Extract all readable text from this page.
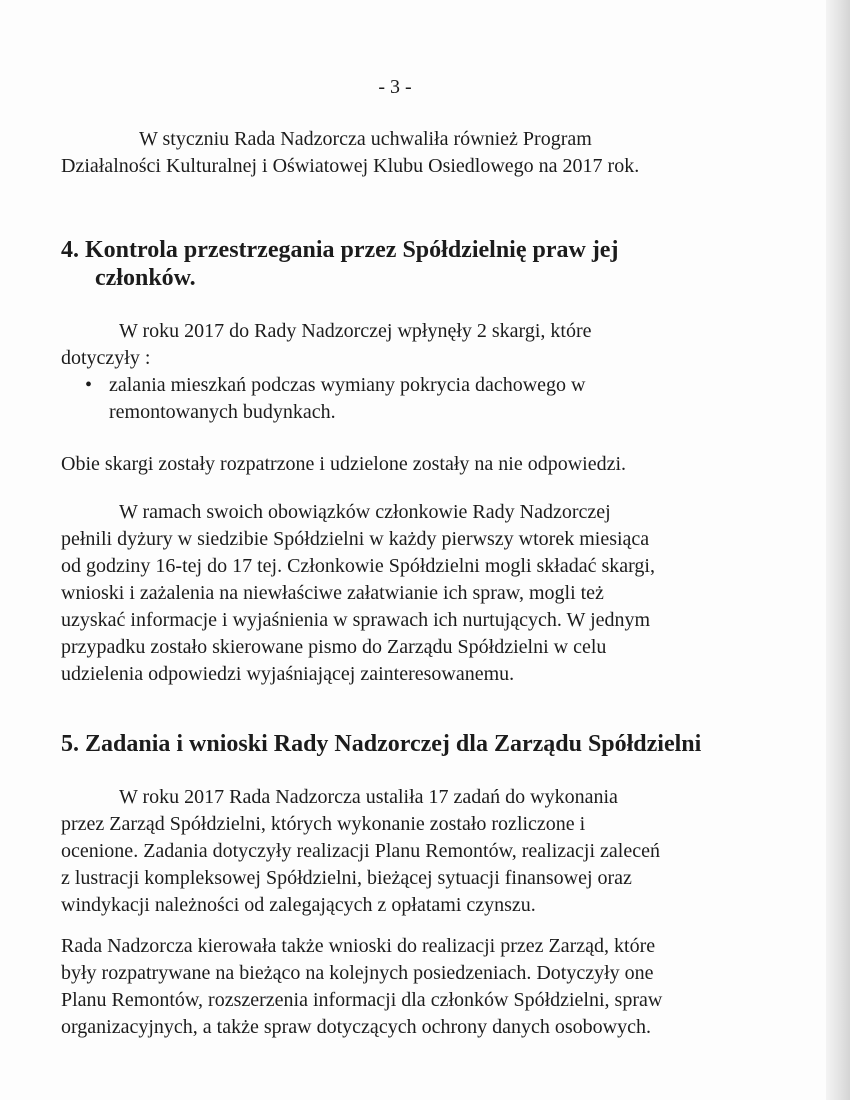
- 3 -

W styczniu Rada Nadzorcza uchwaliła również Program
Działalności Kulturalnej i Oświatowej Klubu Osiedlowego na 2017 rok.

4. Kontrola przestrzegania przez Spółdzielnię praw jej
członków.

W roku 2017 do Rady Nadzorczej wpłynęły 2 skargi, które
dotyczyły :

• zalania mieszkań podczas wymiany pokrycia dachowego w
remontowanych budynkach.

Obie skargi zostały rozpatrzone i udzielone zostały na nie odpowiedzi.

W ramach swoich obowiązków członkowie Rady Nadzorczej
pełnili dyżury w siedzibie Spółdzielni w każdy pierwszy wtorek miesiąca
od godziny 16-tej do 17 tej. Członkowie Spółdzielni mogli składać skargi,
wnioski i zażalenia na niewłaściwe załatwianie ich spraw, mogli też
uzyskać informacje i wyjaśnienia w sprawach ich nurtujących. W jednym
przypadku zostało skierowane pismo do Zarządu Spółdzielni w celu
udzielenia odpowiedzi wyjaśniającej zainteresowanemu.

5. Zadania i wnioski Rady Nadzorczej dla Zarządu Spółdzielni

W roku 2017 Rada Nadzorcza ustaliła 17 zadań do wykonania
przez Zarząd Spółdzielni, których wykonanie zostało rozliczone i
ocenione. Zadania dotyczyły realizacji Planu Remontów, realizacji zaleceń
z lustracji kompleksowej Spółdzielni, bieżącej sytuacji finansowej oraz
windykacji należności od zalegających z opłatami czynszu.

Rada Nadzorcza kierowała także wnioski do realizacji przez Zarząd, które
były rozpatrywane na bieżąco na kolejnych posiedzeniach. Dotyczyły one
Planu Remontów, rozszerzenia informacji dla członków Spółdzielni, spraw
organizacyjnych, a także spraw dotyczących ochrony danych osobowych.
